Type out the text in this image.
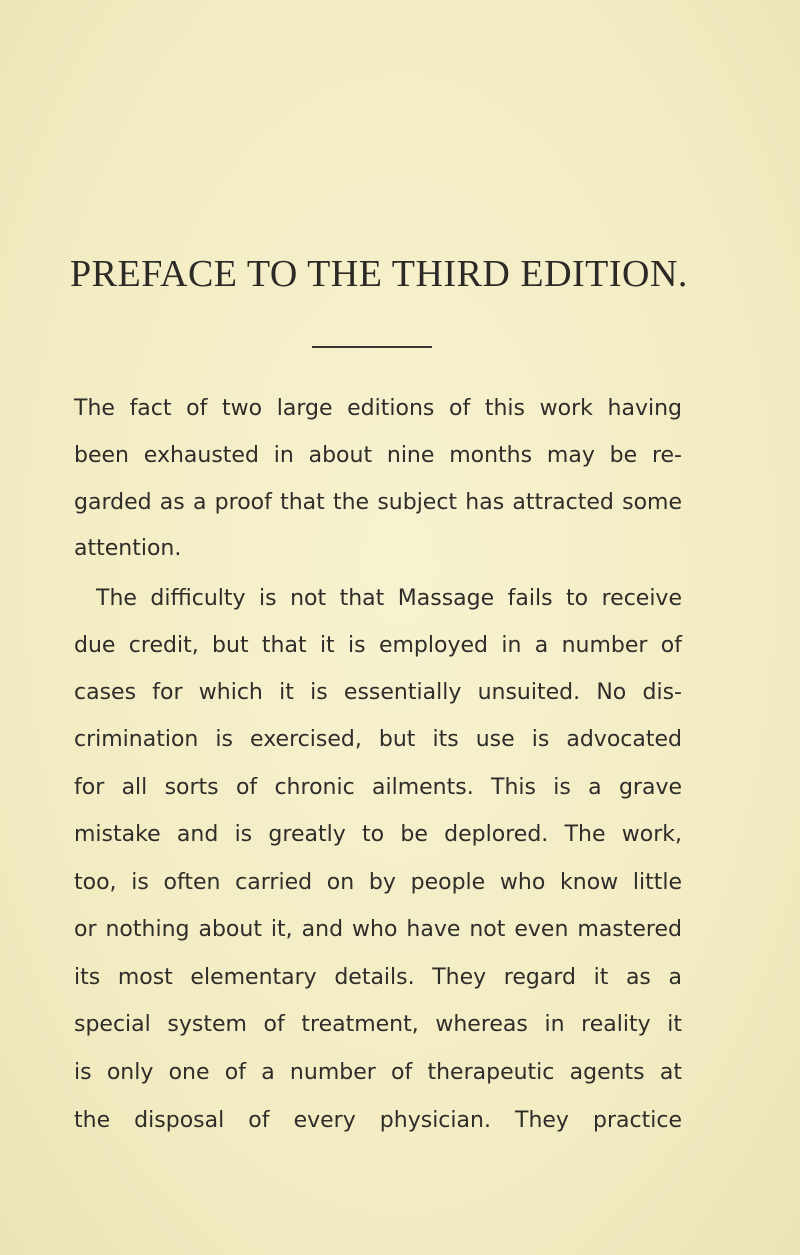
PREFACE TO THE THIRD EDITION.
The fact of two large editions of this work having
been exhausted in about nine months may be re-
garded as a proof that the subject has attracted some
attention.
The difficulty is not that Massage fails to receive
due credit, but that it is employed in a number of
cases for which it is essentially unsuited. No dis-
crimination is exercised, but its use is advocated
for all sorts of chronic ailments. This is a grave
mistake and is greatly to be deplored. The work,
too, is often carried on by people who know little
or nothing about it, and who have not even mastered
its most elementary details. They regard it as a
special system of treatment, whereas in reality it
is only one of a number of therapeutic agents at
the disposal of every physician. They practice
